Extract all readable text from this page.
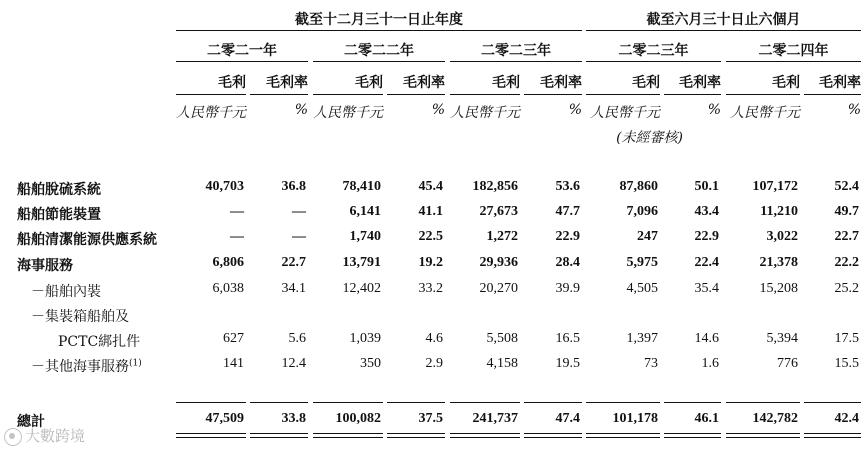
截至十二月三十一日止年度	截至六月三十日止六個月
二零二一年	二零二二年	二零二三年	二零二三年	二零二四年
毛利	毛利率	毛利	毛利率	毛利	毛利率	毛利	毛利率	毛利	毛利率
人民幣千元	% 人民幣千元	% 人民幣千元	% 人民幣千元	% 人民幣千元	%
(未經審核)
船舶脫硫系統	40,703	36.8	78,410	45.4	182,856	53.6	87,860	50.1	107,172	52.4
船舶節能裝置	—	—	6,141	41.1	27,673	47.7	7,096	43.4	11,210	49.7
船舶清潔能源供應系統	—	—	1,740	22.5	1,272	22.9	247	22.9	3,022	22.7
海事服務	6,806	22.7	13,791	19.2	29,936	28.4	5,975	22.4	21,378	22.2
－船舶內裝	6,038	34.1	12,402	33.2	20,270	39.9	4,505	35.4	15,208	25.2
－集裝箱船舶及
PCTC綁扎件	627	5.6	1,039	4.6	5,508	16.5	1,397	14.6	5,394	17.5
－其他海事服務$^{(1)}$	141	12.4	350	2.9	4,158	19.5	73	1.6	776	15.5
總計	47,509	33.8	100,082	37.5	241,737	47.4	101,178	46.1	142,782	42.4
大數跨境
